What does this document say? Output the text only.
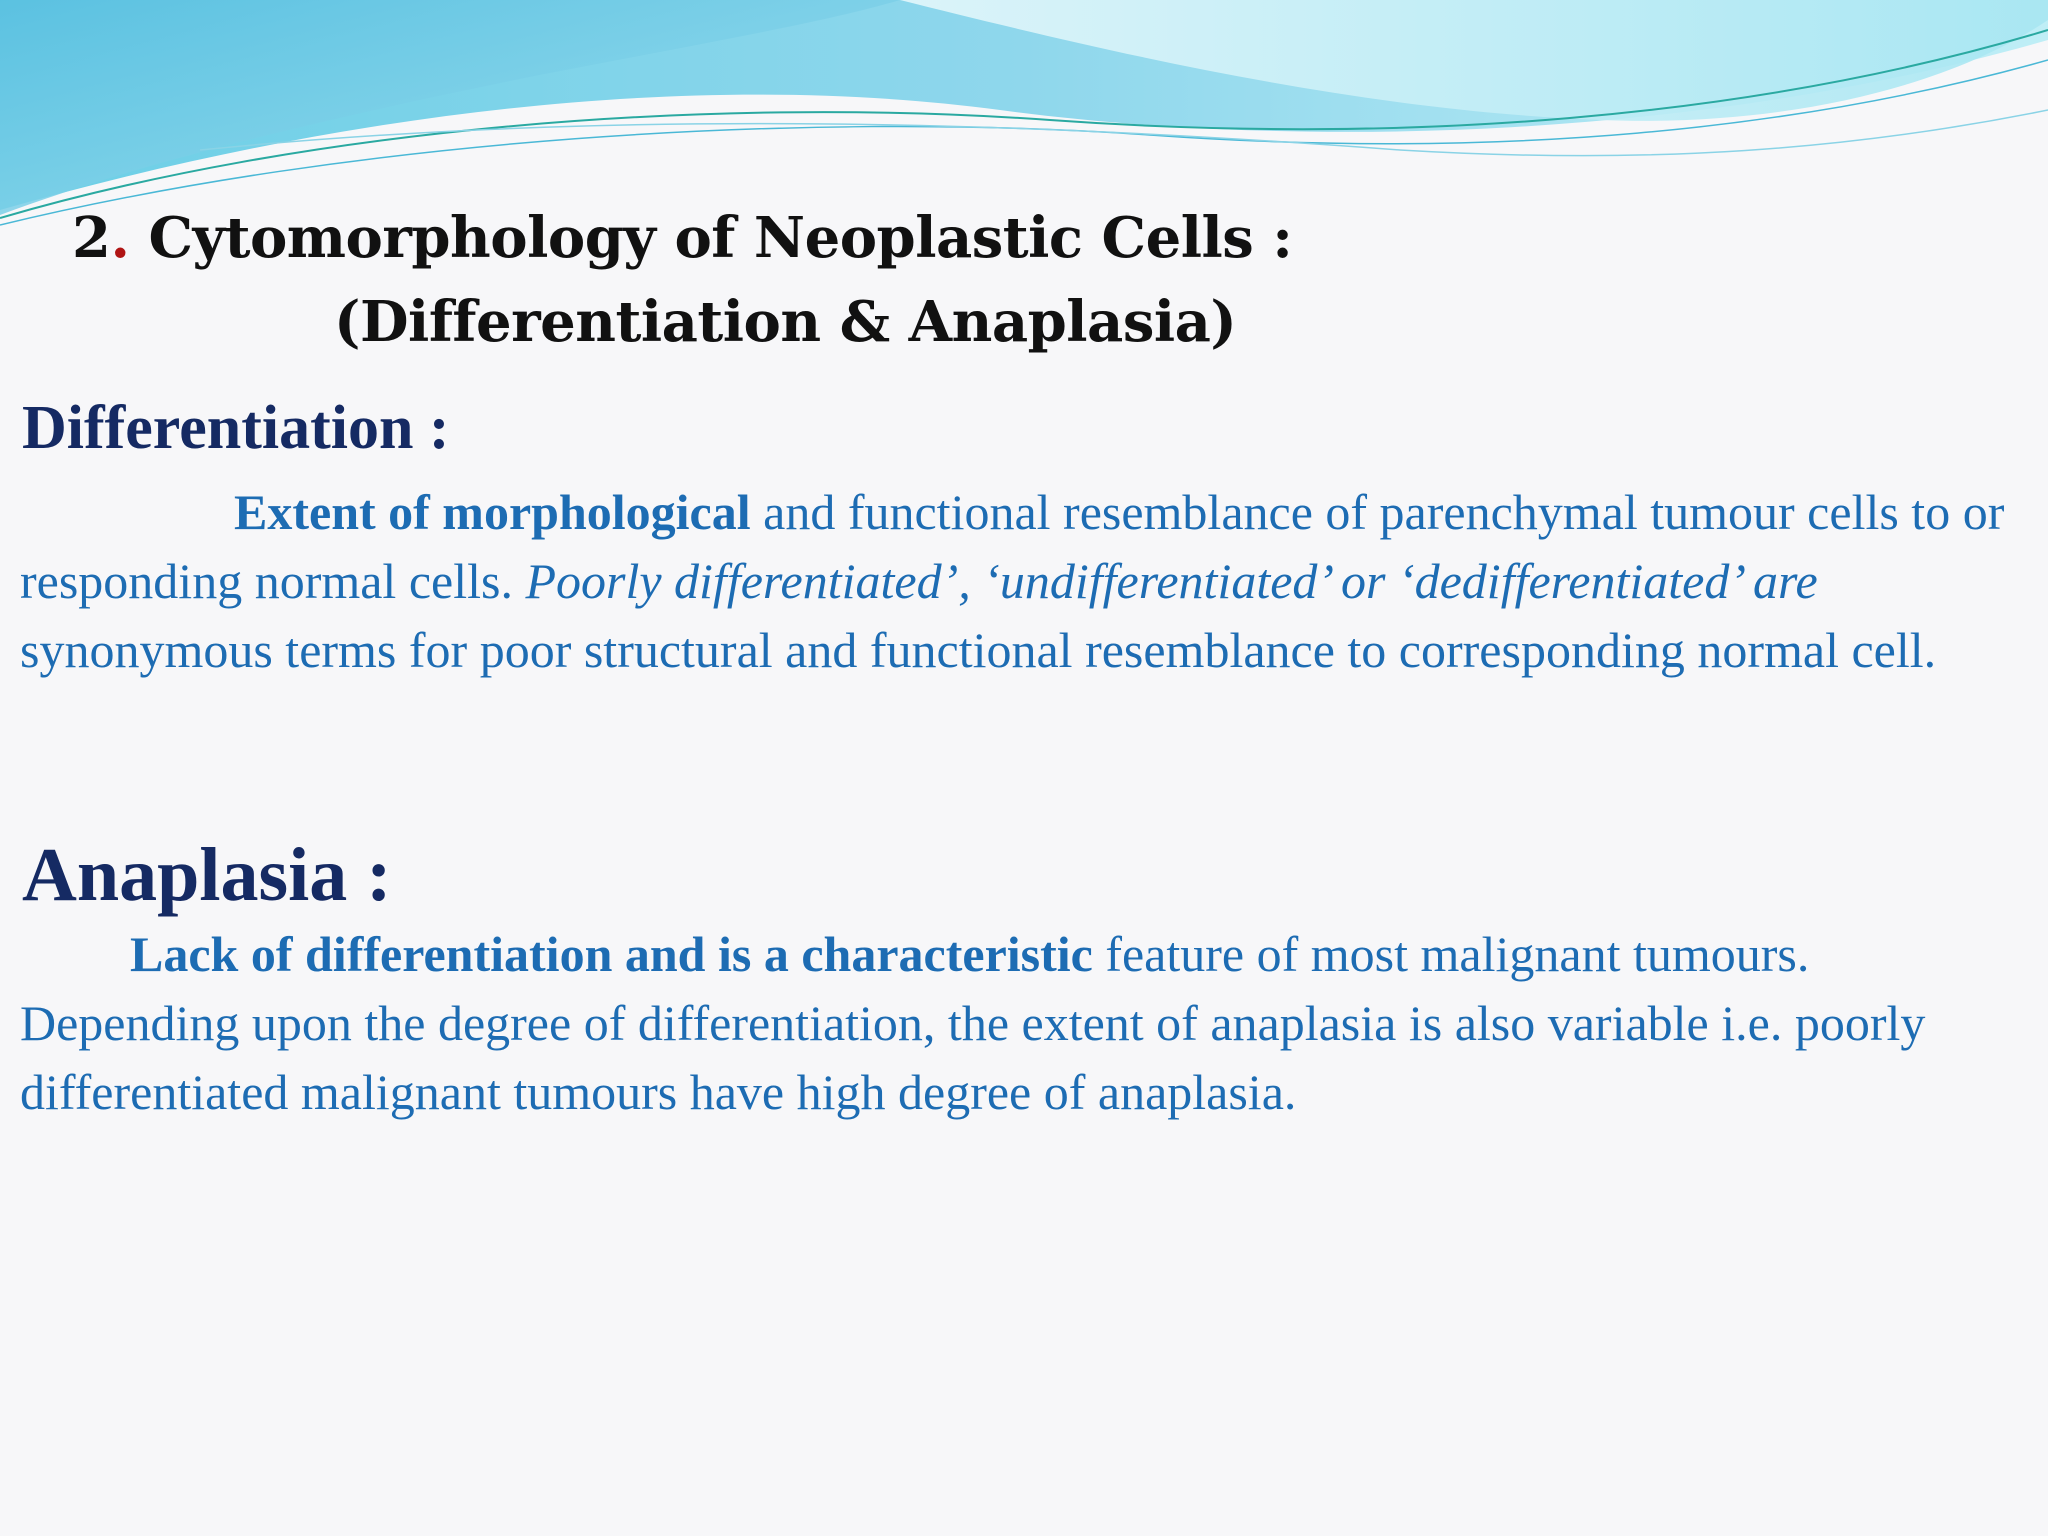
2. Cytomorphology of Neoplastic Cells :
(Differentiation & Anaplasia)
Differentiation :

Extent of morphological and functional resemblance of parenchymal tumour cells to or responding normal cells. Poorly differentiated’, ‘undifferentiated’ or ‘dedifferentiated’ are synonymous terms for poor structural and functional resemblance to corresponding normal cell.

Anaplasia :

Lack of differentiation and is a characteristic feature of most malignant tumours. Depending upon the degree of differentiation, the extent of anaplasia is also variable i.e. poorly differentiated malignant tumours have high degree of anaplasia.
